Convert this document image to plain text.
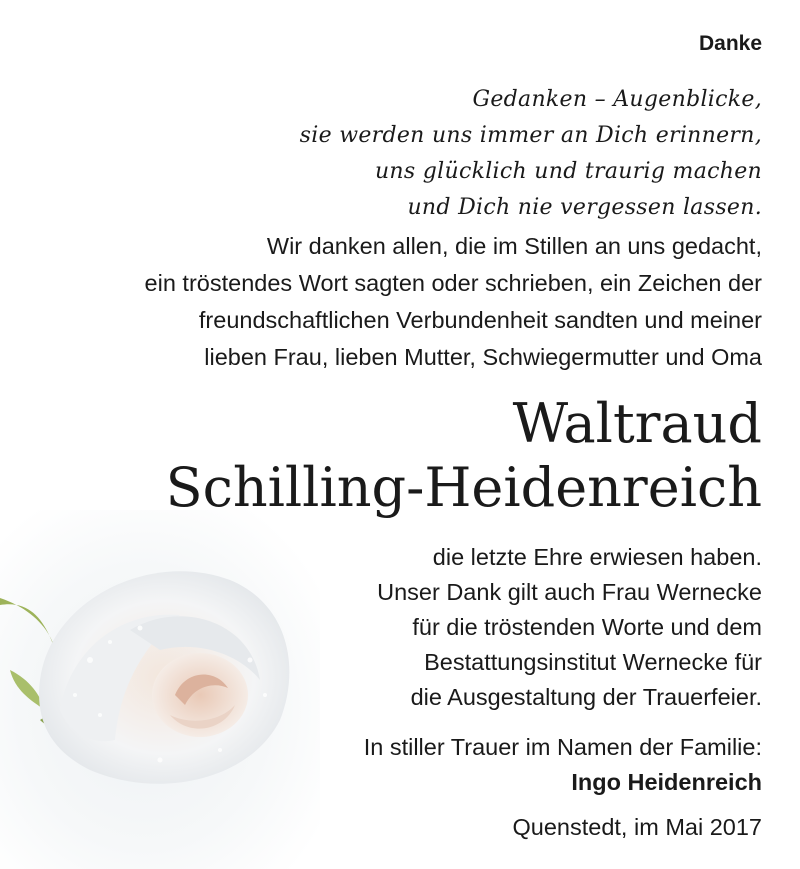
Danke
Gedanken – Augenblicke,
sie werden uns immer an Dich erinnern,
uns glücklich und traurig machen
und Dich nie vergessen lassen.
Wir danken allen, die im Stillen an uns gedacht,
ein tröstendes Wort sagten oder schrieben, ein Zeichen der
freundschaftlichen Verbundenheit sandten und meiner
lieben Frau, lieben Mutter, Schwiegermutter und Oma
Waltraud
Schilling-Heidenreich
die letzte Ehre erwiesen haben.
Unser Dank gilt auch Frau Wernecke
für die tröstenden Worte und dem
Bestattungsinstitut Wernecke für
die Ausgestaltung der Trauerfeier.
In stiller Trauer im Namen der Familie:
Ingo Heidenreich
Quenstedt, im Mai 2017
